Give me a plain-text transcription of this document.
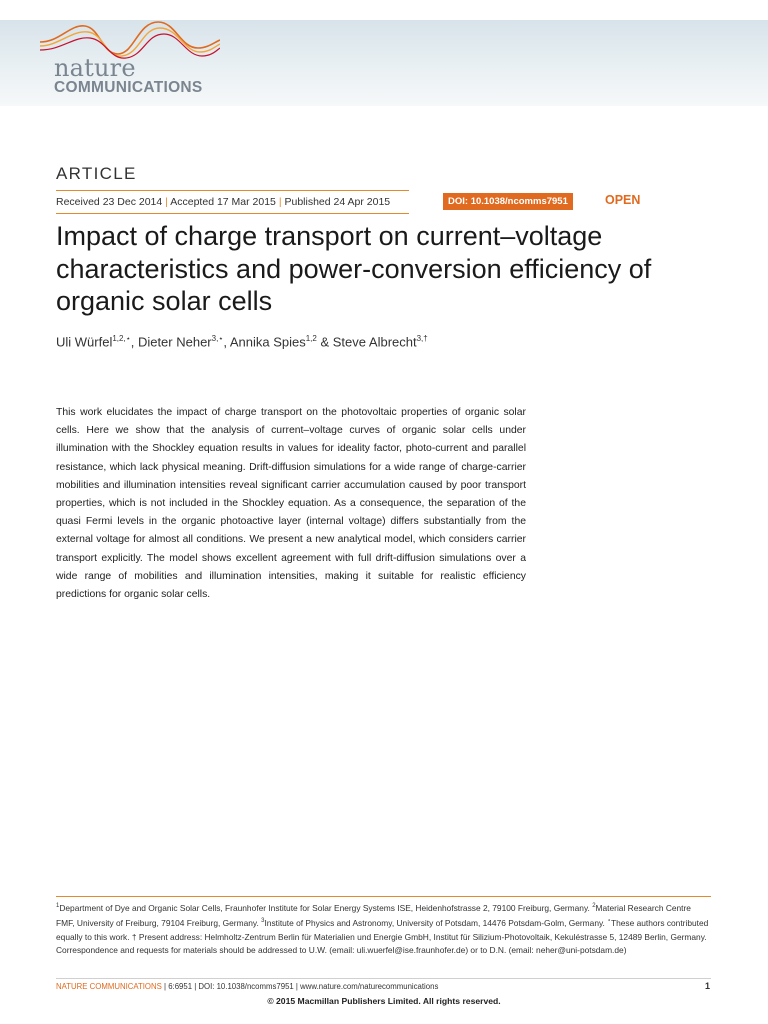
nature
COMMUNICATIONS
ARTICLE
Received 23 Dec 2014 | Accepted 17 Mar 2015 | Published 24 Apr 2015	DOI: 10.1038/ncomms7951	OPEN
Impact of charge transport on current–voltage characteristics and power-conversion efficiency of organic solar cells
Uli Würfel$^{1,2,⋆}$, Dieter Neher$^{3,⋆}$, Annika Spies$^{1,2}$ & Steve Albrecht$^{3,\dagger}$

This work elucidates the impact of charge transport on the photovoltaic properties of organic solar cells. Here we show that the analysis of current–voltage curves of organic solar cells under illumination with the Shockley equation results in values for ideality factor, photo-current and parallel resistance, which lack physical meaning. Drift-diffusion simulations for a wide range of charge-carrier mobilities and illumination intensities reveal significant carrier accumulation caused by poor transport properties, which is not included in the Shockley equation. As a consequence, the separation of the quasi Fermi levels in the organic photoactive layer (internal voltage) differs substantially from the external voltage for almost all conditions. We present a new analytical model, which considers carrier transport explicitly. The model shows excellent agreement with full drift-diffusion simulations over a wide range of mobilities and illumination intensities, making it suitable for realistic efficiency predictions for organic solar cells.

$^1$Department of Dye and Organic Solar Cells, Fraunhofer Institute for Solar Energy Systems ISE, Heidenhofstrasse 2, 79100 Freiburg, Germany. $^2$Material Research Centre FMF, University of Freiburg, 79104 Freiburg, Germany. $^3$Institute of Physics and Astronomy, University of Potsdam, 14476 Potsdam-Golm, Germany. ⋆These authors contributed equally to this work. † Present address: Helmholtz-Zentrum Berlin für Materialien und Energie GmbH, Institut für Silizium-Photovoltaik, Kekuléstrasse 5, 12489 Berlin, Germany. Correspondence and requests for materials should be addressed to U.W. (email: uli.wuerfel@ise.fraunhofer.de) or to D.N. (email: neher@uni-potsdam.de)

NATURE COMMUNICATIONS | 6:6951 | DOI: 10.1038/ncomms7951 | www.nature.com/naturecommunications	1
© 2015 Macmillan Publishers Limited. All rights reserved.
